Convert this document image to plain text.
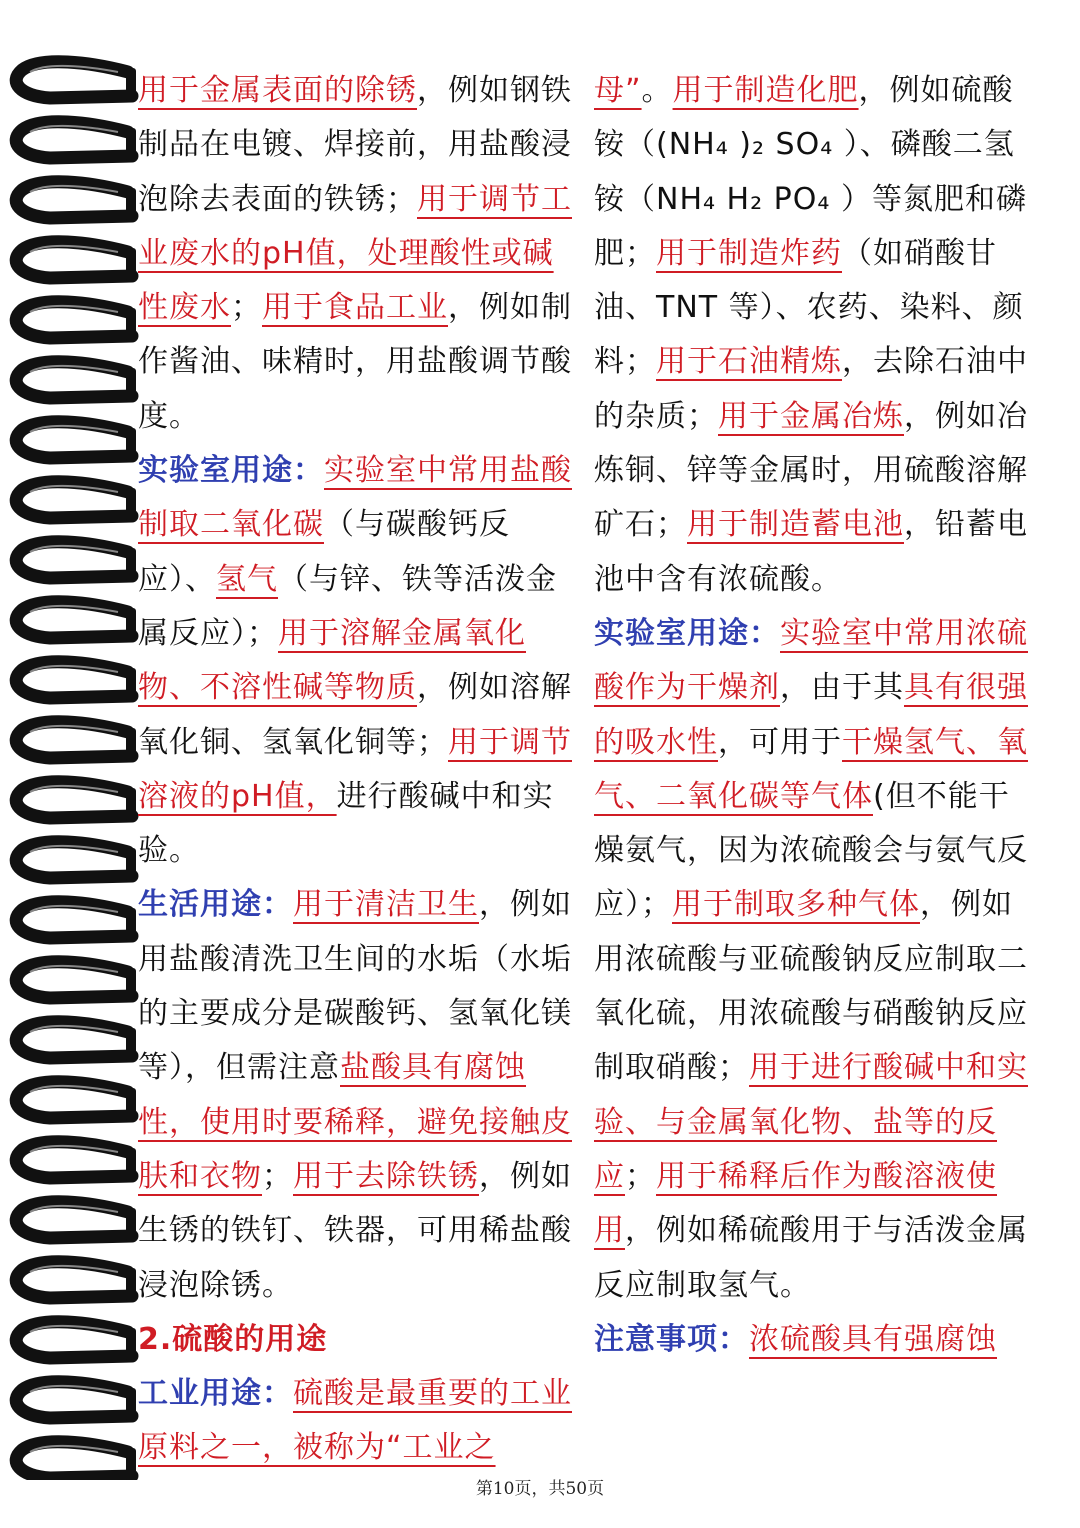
用于金属表面的除锈，例如钢铁制品在电镀、焊接前，用盐酸浸泡除去表面的铁锈；用于调节工业废水的pH值，处理酸性或碱性废水；用于食品工业，例如制作酱油、味精时，用盐酸调节酸度。

实验室用途：实验室中常用盐酸制取二氧化碳（与碳酸钙反应）、氢气（与锌、铁等活泼金属反应）；用于溶解金属氧化物、不溶性碱等物质，例如溶解氧化铜、氢氧化铜等；用于调节溶液的pH值，进行酸碱中和实验。

生活用途：用于清洁卫生，例如用盐酸清洗卫生间的水垢（水垢的主要成分是碳酸钙、氢氧化镁等），但需注意盐酸具有腐蚀性，使用时要稀释，避免接触皮肤和衣物；用于去除铁锈，例如生锈的铁钉、铁器，可用稀盐酸浸泡除锈。

2.硫酸的用途

工业用途：硫酸是最重要的工业原料之一，被称为“工业之

母”。用于制造化肥，例如硫酸铵（(NH₄ )₂ SO₄ ）、磷酸二氢铵（NH₄ H₂ PO₄ ）等氮肥和磷肥；用于制造炸药（如硝酸甘油、TNT 等）、农药、染料、颜料；用于石油精炼，去除石油中的杂质；用于金属冶炼，例如冶炼铜、锌等金属时，用硫酸溶解矿石；用于制造蓄电池，铅蓄电池中含有浓硫酸。

实验室用途：实验室中常用浓硫酸作为干燥剂，由于其具有很强的吸水性，可用于干燥氢气、氧气、二氧化碳等气体(但不能干燥氨气，因为浓硫酸会与氨气反应）；用于制取多种气体，例如用浓硫酸与亚硫酸钠反应制取二氧化硫，用浓硫酸与硝酸钠反应制取硝酸；用于进行酸碱中和实验、与金属氧化物、盐等的反应；用于稀释后作为酸溶液使用，例如稀硫酸用于与活泼金属反应制取氢气。

注意事项：浓硫酸具有强腐蚀

第10页，共50页
